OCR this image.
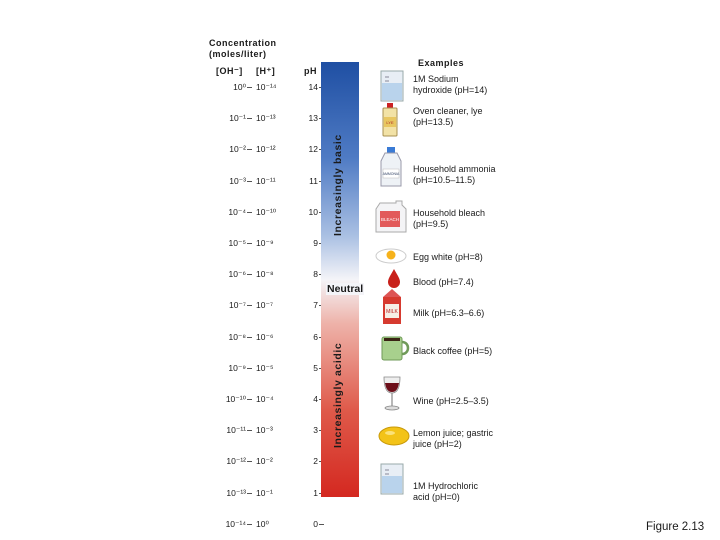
Concentration
(moles/liter)
[OH⁻] [H⁺]	pH
Examples
10⁰ 10⁻¹⁴	14
10⁻¹ 10⁻¹³	13
10⁻² 10⁻¹²	12
10⁻³ 10⁻¹¹	11
10⁻⁴ 10⁻¹⁰	10
10⁻⁵ 10⁻⁹	9
10⁻⁶ 10⁻⁸	8
10⁻⁷ 10⁻⁷	7
10⁻⁸ 10⁻⁶	6
10⁻⁹ 10⁻⁵	5
10⁻¹⁰ 10⁻⁴	4
10⁻¹¹ 10⁻³	3
10⁻¹² 10⁻²	2
10⁻¹³ 10⁻¹	1
10⁻¹⁴ 10⁰	0
Increasingly basic
Increasingly acidic
Neutral
LYE
AMMONIA
BLEACH
MILK
1M Sodium
hydroxide (pH=14)
Oven cleaner, lye
(pH=13.5)
Household ammonia
(pH=10.5–11.5)
Household bleach
(pH=9.5)
Egg white (pH=8)
Blood (pH=7.4)
Milk (pH=6.3–6.6)
Black coffee (pH=5)
Wine (pH=2.5–3.5)
Lemon juice; gastric
juice (pH=2)
1M Hydrochloric
acid (pH=0)
Figure 2.13
